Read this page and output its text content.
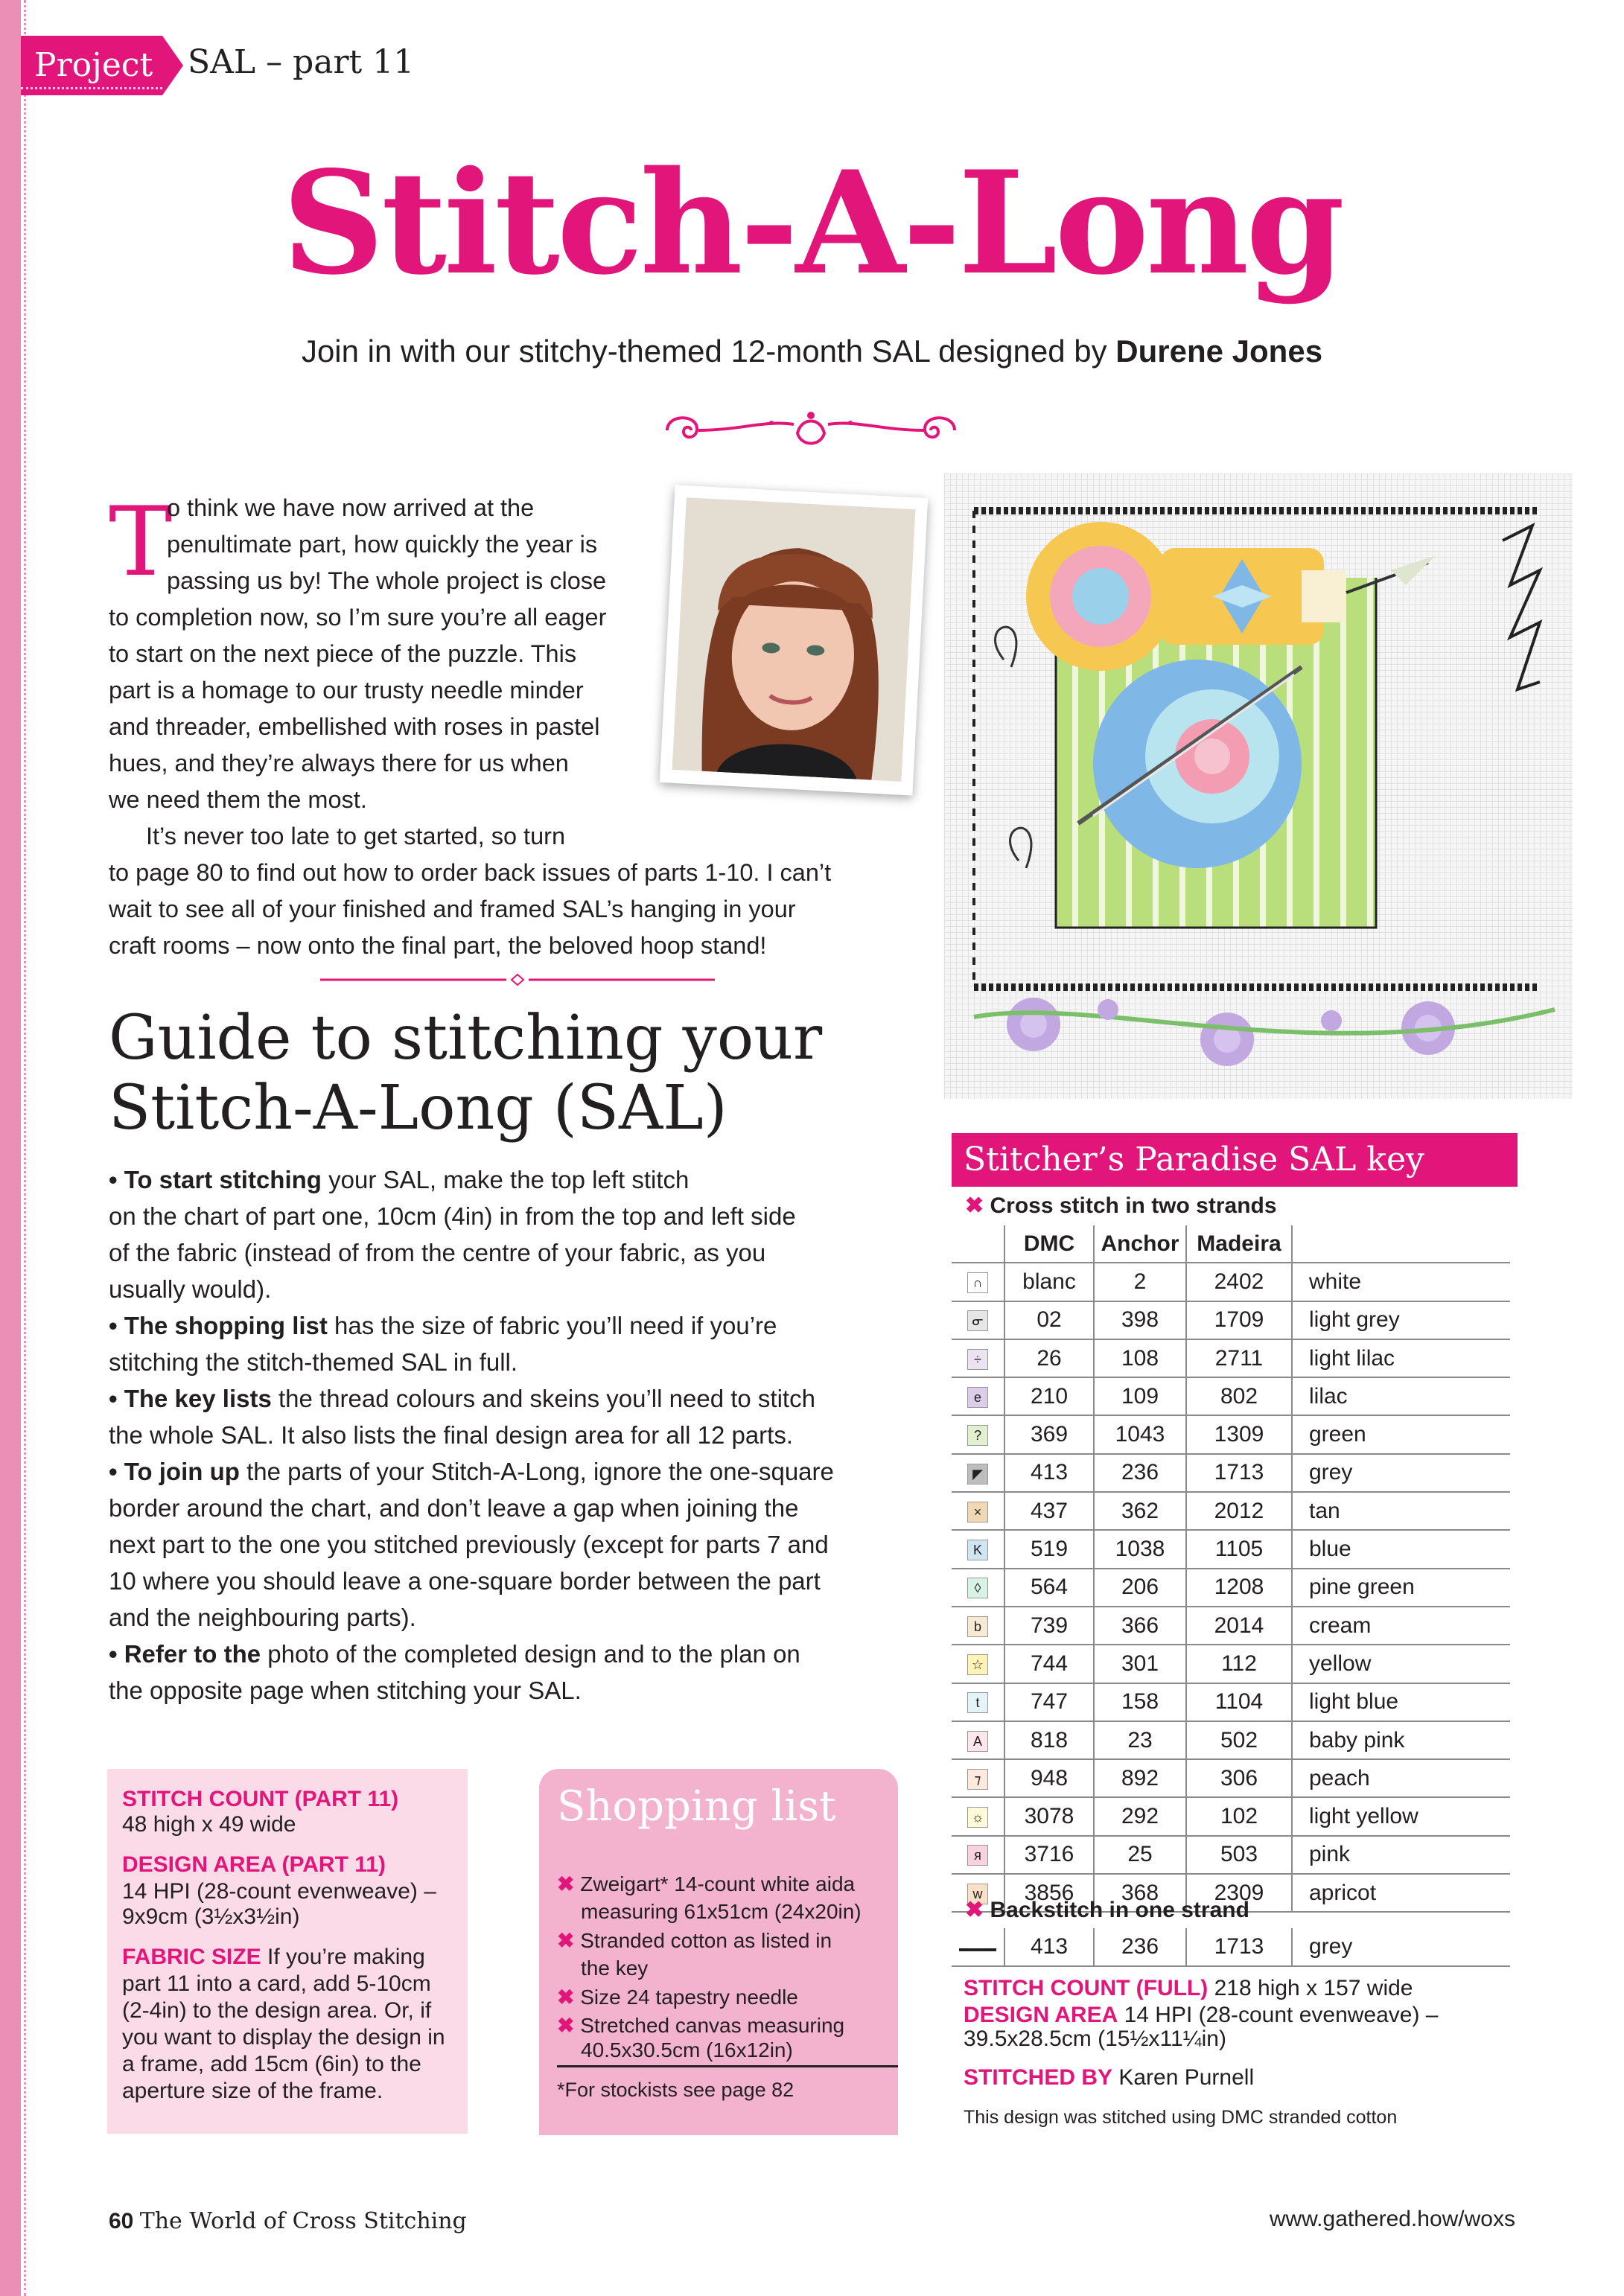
Project SAL – part 11
Stitch-A-Long
Join in with our stitchy-themed 12-month SAL designed by Durene Jones
T
o think we have now arrived at the
penultimate part, how quickly the year is
passing us by! The whole project is close
to completion now, so I’m sure you’re all eager
to start on the next piece of the puzzle. This
part is a homage to our trusty needle minder
and threader, embellished with roses in pastel
hues, and they’re always there for us when
we need them the most.
It’s never too late to get started, so turn
to page 80 to find out how to order back issues of parts 1-10. I can’t
wait to see all of your finished and framed SAL’s hanging in your
craft rooms – now onto the final part, the beloved hoop stand!
Guide to stitching your
Stitch-A-Long (SAL)
• To start stitching your SAL, make the top left stitch
on the chart of part one, 10cm (4in) in from the top and left side
of the fabric (instead of from the centre of your fabric, as you
usually would).
• The shopping list has the size of fabric you’ll need if you’re
stitching the stitch-themed SAL in full.
• The key lists the thread colours and skeins you’ll need to stitch
the whole SAL. It also lists the final design area for all 12 parts.
• To join up the parts of your Stitch-A-Long, ignore the one-square
border around the chart, and don’t leave a gap when joining the
next part to the one you stitched previously (except for parts 7 and
10 where you should leave a one-square border between the part
and the neighbouring parts).
• Refer to the photo of the completed design and to the plan on
the opposite page when stitching your SAL.
STITCH COUNT (PART 11)
48 high x 49 wide
DESIGN AREA (PART 11)
14 HPI (28-count evenweave) –
9x9cm (3½x3½in)
FABRIC SIZE If you’re making
part 11 into a card, add 5-10cm
(2-4in) to the design area. Or, if
you want to display the design in
a frame, add 15cm (6in) to the
aperture size of the frame.
Shopping list
✖ Zweigart* 14-count white aida
measuring 61x51cm (24x20in)
✖ Stranded cotton as listed in
the key
✖ Size 24 tapestry needle
✖ Stretched canvas measuring
40.5x30.5cm (16x12in)
*For stockists see page 82
Stitcher’s Paradise SAL key
✖ Cross stitch in two strands
	DMC	Anchor	Madeira	
∩	blanc	2	2402	white
ᓂ	02	398	1709	light grey
÷	26	108	2711	light lilac
e	210	109	802	lilac
?	369	1043	1309	green
◤	413	236	1713	grey
×	437	362	2012	tan
K	519	1038	1105	blue
◊	564	206	1208	pine green
b	739	366	2014	cream
☆	744	301	112	yellow
t	747	158	1104	light blue
A	818	23	502	baby pink
⁊	948	892	306	peach
☼	3078	292	102	light yellow
я	3716	25	503	pink
w	3856	368	2309	apricot
✖ Backstitch in one strand
	413	236	1713	grey
STITCH COUNT (FULL) 218 high x 157 wide
DESIGN AREA 14 HPI (28-count evenweave) –
39.5x28.5cm (15½x11¼in)
STITCHED BY Karen Purnell
This design was stitched using DMC stranded cotton
60 The World of Cross Stitching	www.gathered.how/woxs
